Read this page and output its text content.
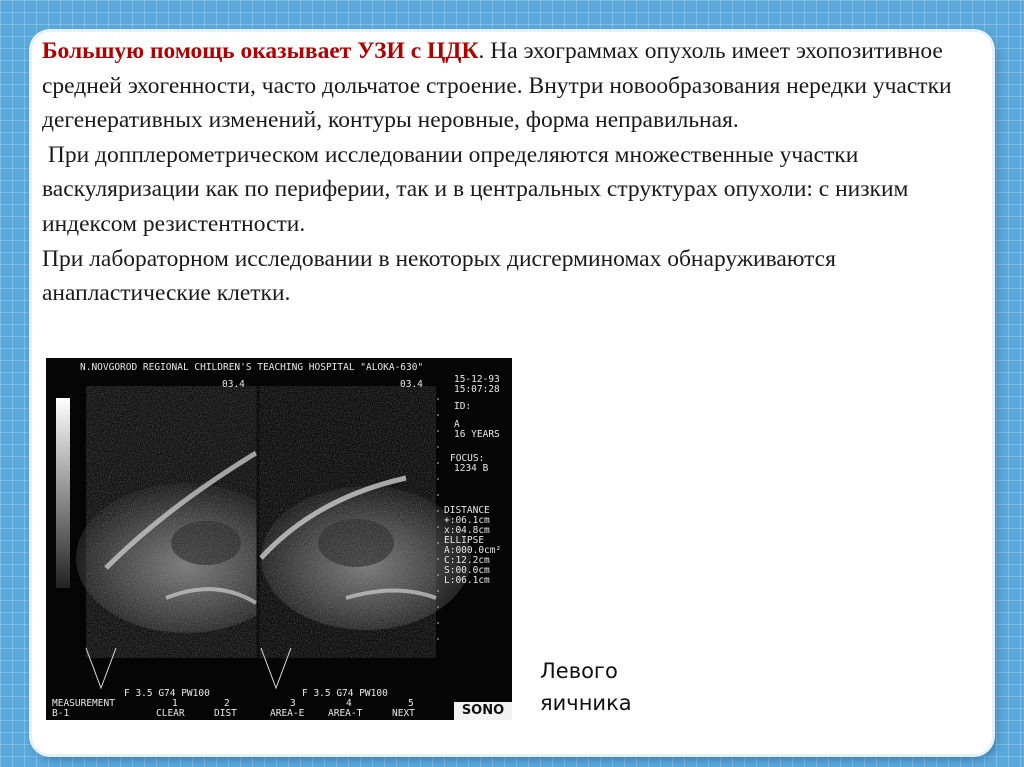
Большую помощь оказывает УЗИ с ЦДК. На эхограммах опухоль имеет эхопозитивное средней эхогенности, часто дольчатое строение. Внутри новообразования нередки участки дегенеративных изменений, контуры неровные, форма неправильная.

При допплерометрическом исследовании определяются множественные участки васкуляризации как по периферии, так и в центральных структурах опухоли: с низким индексом резистентности.

При лабораторном исследовании в некоторых дисгерминомах обнаруживаются анапластические клетки.

N.NOVGOROD REGIONAL CHILDREN'S TEACHING HOSPITAL "ALOKA-630"
03.4	03.4	15-12-93
15:07:28
ID:
A
16 YEARS
FOCUS:
1234 B
DISTANCE
+:06.1cm
x:04.8cm
ELLIPSE
A:000.0cm²
C:12.2cm
S:00.0cm
L:06.1cm
F 3.5 G74 PW100	F 3.5 G74 PW100
MEASUREMENT
B-1
1
CLEAR
2
DIST
3
AREA-E
4
AREA-T
5
NEXT	SONO
Левого
яичника
